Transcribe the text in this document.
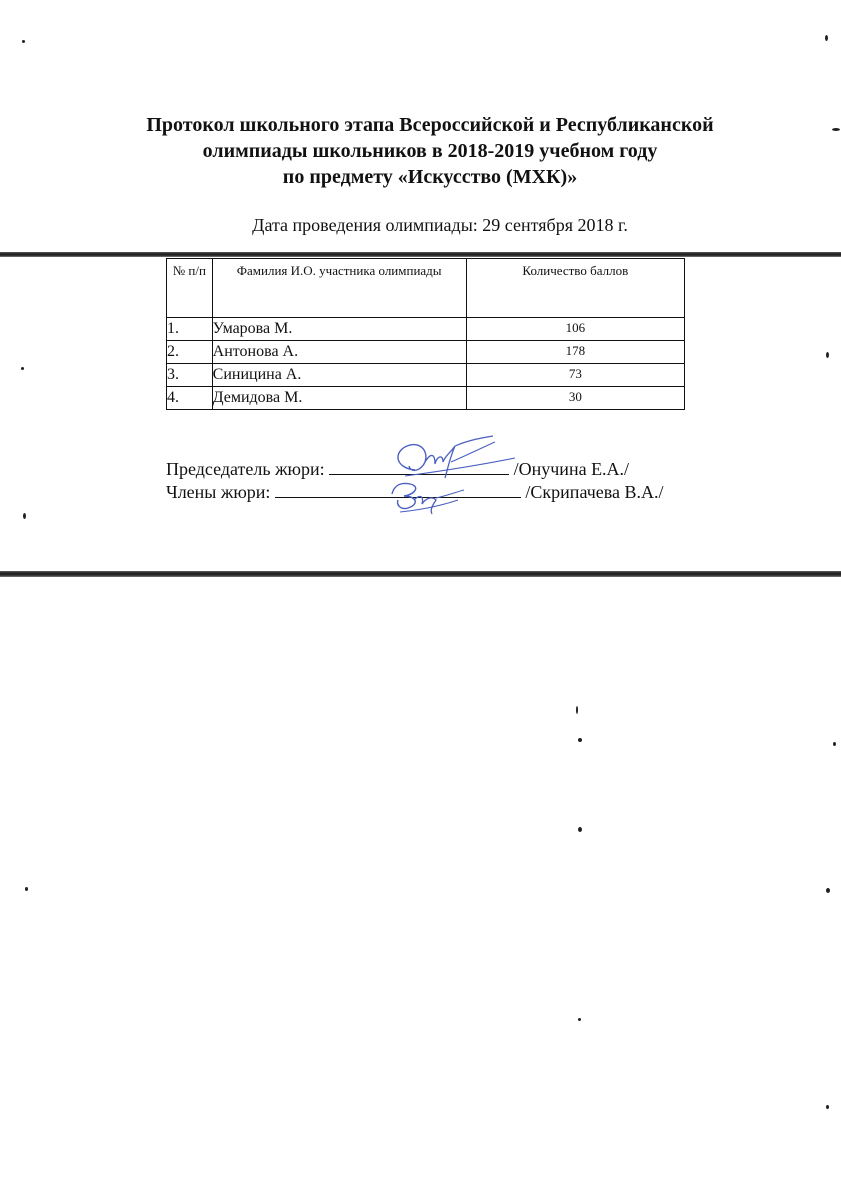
Протокол школьного этапа Всероссийской и Республиканской
олимпиады школьников в 2018-2019 учебном году
по предмету «Искусство (МХК)»
Дата проведения олимпиады: 29 сентября 2018 г.
№ п/п	Фамилия И.О. участника олимпиады	Количество баллов
1.	Умарова М.	106
2.	Антонова А.	178
3.	Синицина А.	73
4.	Демидова М.	30
Председатель жюри:	/Онучина Е.А./
Члены жюри:	/Скрипачева В.А./
